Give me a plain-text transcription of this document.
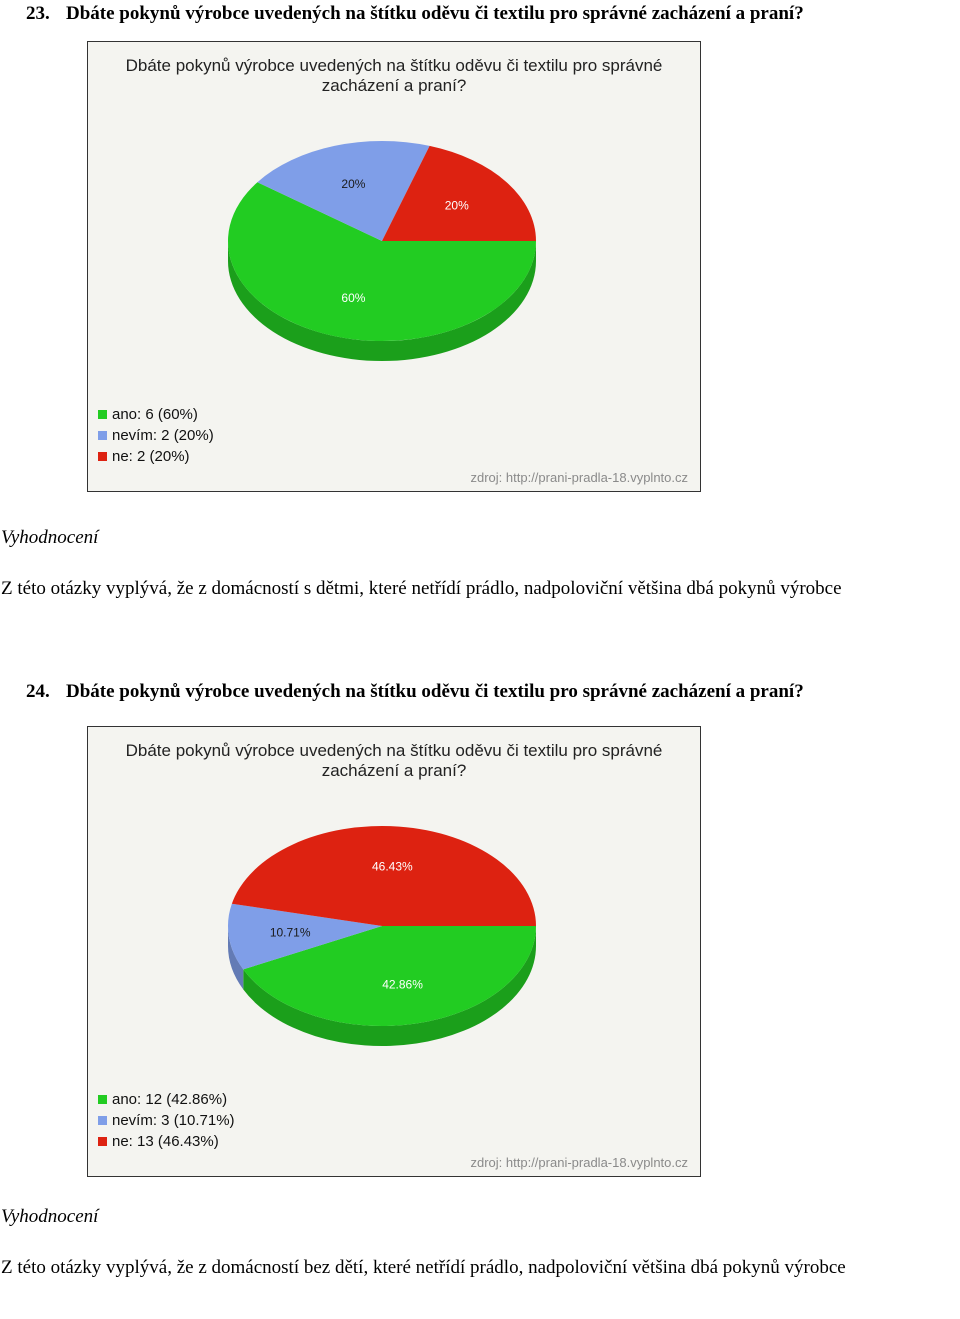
23. Dbáte pokynů výrobce uvedených na štítku oděvu či textilu pro správné zacházení a praní?
60%
20%
20%
Dbáte pokynů výrobce uvedených na štítku oděvu či textilu pro správné
zacházení a praní?
ano: 6 (60%)
nevím: 2 (20%)
ne: 2 (20%)
zdroj: http://prani-pradla-18.vyplnto.cz
Vyhodnocení
Z této otázky vyplývá, že z domácností s dětmi, které netřídí prádlo, nadpoloviční většina dbá pokynů výrobce
24. Dbáte pokynů výrobce uvedených na štítku oděvu či textilu pro správné zacházení a praní?
42.86%
10.71%
46.43%
Dbáte pokynů výrobce uvedených na štítku oděvu či textilu pro správné
zacházení a praní?
ano: 12 (42.86%)
nevím: 3 (10.71%)
ne: 13 (46.43%)
zdroj: http://prani-pradla-18.vyplnto.cz
Vyhodnocení
Z této otázky vyplývá, že z domácností bez dětí, které netřídí prádlo, nadpoloviční většina dbá pokynů výrobce
